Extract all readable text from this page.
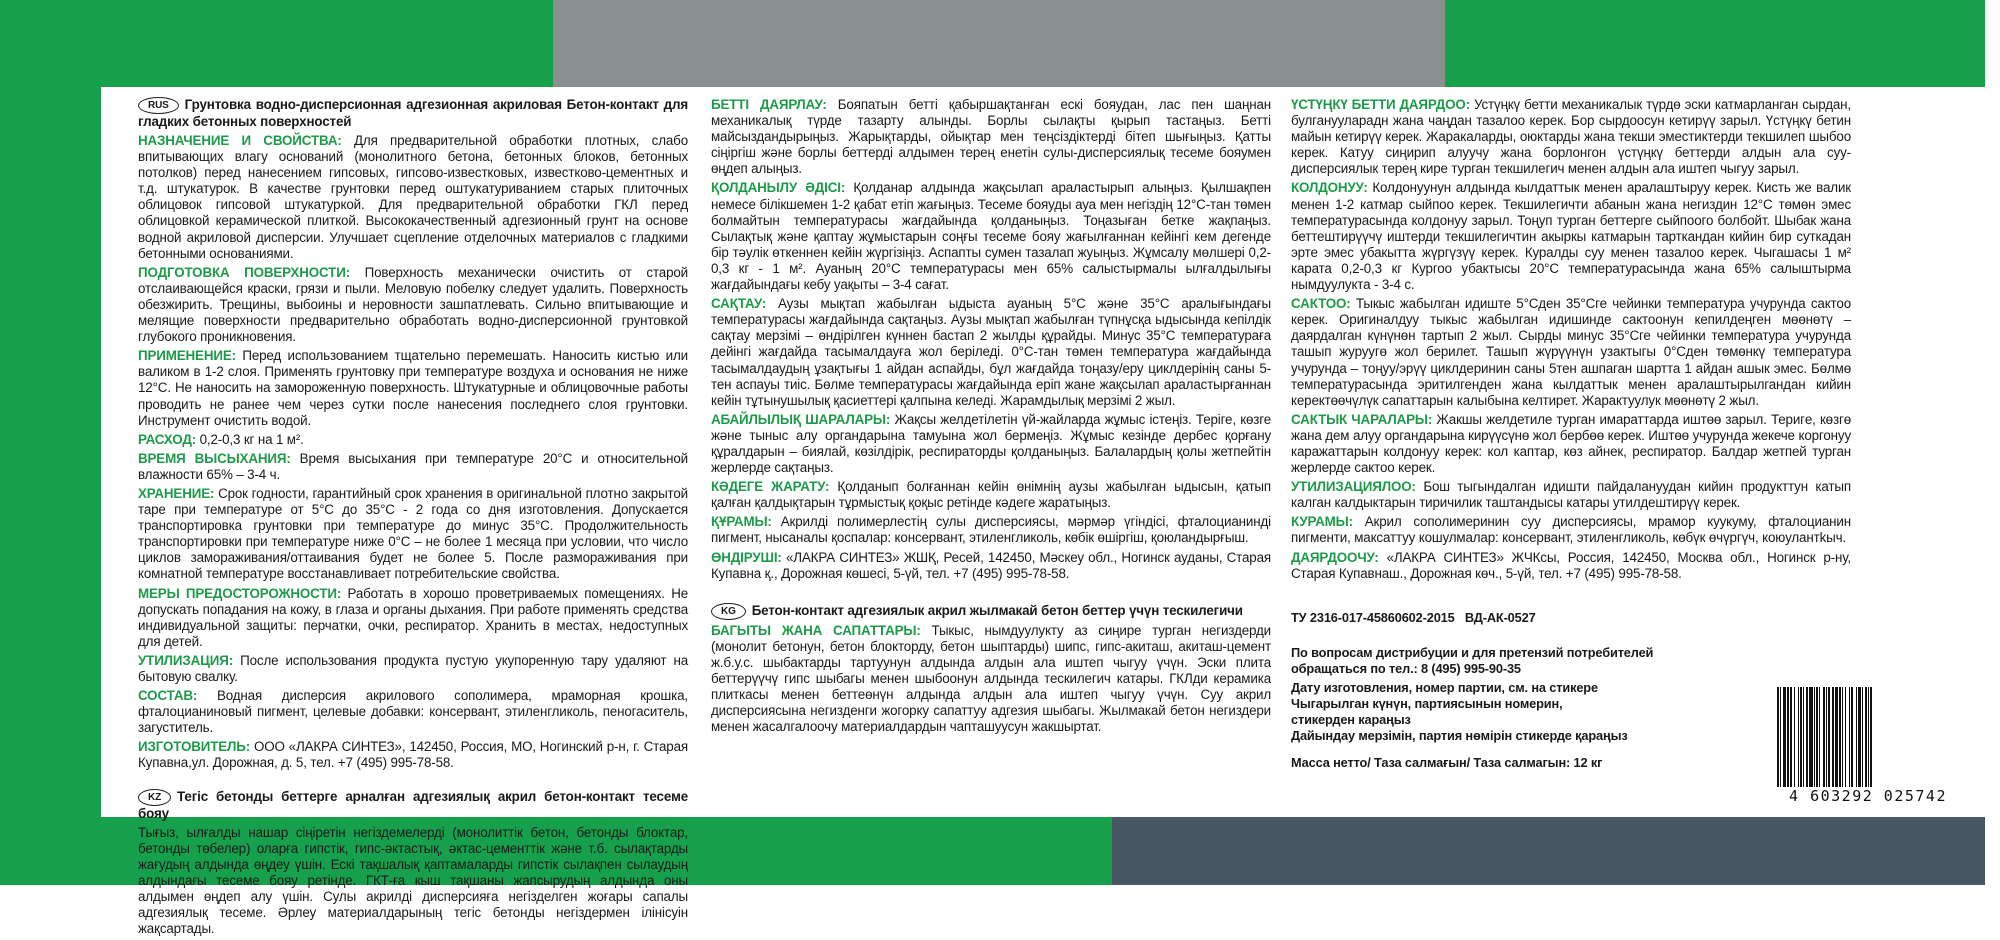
RUS Грунтовка водно-дисперсионная адгезионная акриловая Бетон-контакт для гладких бетонных поверхностей

НАЗНАЧЕНИЕ И СВОЙСТВА: Для предварительной обработки плотных, слабо впитывающих влагу оснований (монолитного бетона, бетонных блоков, бетонных потолков) перед нанесением гипсовых, гипсово-известковых, известково-цементных и т.д. штукатурок. В качестве грунтовки перед оштукатуриванием старых плиточных облицовок гипсовой штукатуркой. Для предварительной обработки ГКЛ перед облицовкой керамической плиткой. Высококачественный адгезионный грунт на основе водной акриловой дисперсии. Улучшает сцепление отделочных материалов с гладкими бетонными основаниями.

ПОДГОТОВКА ПОВЕРХНОСТИ: Поверхность механически очистить от старой отслаивающейся краски, грязи и пыли. Меловую побелку следует удалить. Поверхность обезжирить. Трещины, выбоины и неровности зашпатлевать. Сильно впитывающие и мелящие поверхности предварительно обработать водно-дисперсионной грунтовкой глубокого проникновения.

ПРИМЕНЕНИЕ: Перед использованием тщательно перемешать. Наносить кистью или валиком в 1-2 слоя. Применять грунтовку при температуре воздуха и основания не ниже 12°С. Не наносить на замороженную поверхность. Штукатурные и облицовочные работы проводить не ранее чем через сутки после нанесения последнего слоя грунтовки. Инструмент очистить водой.

РАСХОД: 0,2-0,3 кг на 1 м².

ВРЕМЯ ВЫСЫХАНИЯ: Время высыхания при температуре 20°С и относительной влажности 65% – 3-4 ч.

ХРАНЕНИЕ: Срок годности, гарантийный срок хранения в оригинальной плотно закрытой таре при температуре от 5°С до 35°С - 2 года со дня изготовления. Допускается транспортировка грунтовки при температуре до минус 35°С. Продолжительность транспортировки при температуре ниже 0°С – не более 1 месяца при условии, что число циклов замораживания/оттаивания будет не более 5. После размораживания при комнатной температуре восстанавливает потребительские свойства.

МЕРЫ ПРЕДОСТОРОЖНОСТИ: Работать в хорошо проветриваемых помещениях. Не допускать попадания на кожу, в глаза и органы дыхания. При работе применять средства индивидуальной защиты: перчатки, очки, респиратор. Хранить в местах, недоступных для детей.

УТИЛИЗАЦИЯ: После использования продукта пустую укупоренную тару удаляют на бытовую свалку.

СОСТАВ: Водная дисперсия акрилового сополимера, мраморная крошка, фталоцианиновый пигмент, целевые добавки: консервант, этиленгликоль, пеногаситель, загуститель.

ИЗГОТОВИТЕЛЬ: ООО «ЛАКРА СИНТЕЗ», 142450, Россия, МО, Ногинский р-н, г. Старая Купавна,ул. Дорожная, д. 5, тел. +7 (495) 995-78-58.

KZ Тегіс бетонды беттерге арналған адгезиялық акрил бетон-контакт тесеме бояу

Тығыз, ылғалды нашар сіңіретін негіздемелерді (монолиттік бетон, бетонды блоктар, бетонды төбелер) оларға гипстік, гипс-әктастық, әктас-цементтік және т.б. сылақтарды жағудың алдында өңдеу үшін. Ескі тақшалық қаптамаларды гипстік сылақпен сылаудың алдындағы тесеме бояу ретінде. ГКТ-ға кыш тақшаны жапсырудың алдында оны алдымен өңдеп алу үшін. Сулы акрилді дисперсияға негізделген жоғары сапалы адгезиялық тесеме. Әрлеу материалдарының тегіс бетонды негіздермен ілінісуін жақсартады.

БЕТТІ ДАЯРЛАУ: Бояпатын бетті қабыршақтанған ескі бояудан, лас пен шаңнан механикалық түрде тазарту алынды. Борлы сылақты қырып тастаңыз. Бетті майсыздандырыңыз. Жарықтарды, ойықтар мен теңсіздіктерді бітеп шығыңыз. Қатты сіңіргіш және борлы беттерді алдымен терең енетін сулы-дисперсиялық тесеме бояумен өңдеп алыңыз.

ҚОЛДАНЫЛУ ӘДІСІ: Қолданар алдында жақсылап араластырып алыңыз. Қылшақпен немесе білікшемен 1-2 қабат етіп жағыңыз. Тесеме бояуды ауа мен негіздің 12°С-тан төмен болмайтын температурасы жағдайында қолданыңыз. Тоңазыған бетке жақпаңыз. Сылақтық және қаптау жұмыстарын соңғы тесеме бояу жағылғаннан кейінгі кем дегенде бір тәулік өткеннен кейін жүргізіңіз. Аспапты сумен тазалап жуыңыз. Жұмсалу мөлшері 0,2-0,3 кг - 1 м². Ауаның 20°С температурасы мен 65% салыстырмалы ылғалдылығы жағдайындағы кебу уақыты – 3-4 сағат.

САҚТАУ: Аузы мықтап жабылған ыдыста ауаның 5°С және 35°С аралығындағы температурасы жағдайында сақтаңыз. Аузы мықтап жабылған түпнұсқа ыдысында кепілдік сақтау мерзімі – өндірілген күннен бастап 2 жылды құрайды. Минус 35°С температураға дейінгі жағдайда тасымалдауға жол беріледі. 0°С-тан төмен температура жағдайында тасымалдаудың ұзақтығы 1 айдан аспайды, бұл жағдайда тоңазу/еру циклдерінің саны 5-тен аспауы тиіс. Бөлме температурасы жағдайында еріп жане жақсылап араластырғаннан кейін тұтынушылық қасиеттері қалпына келеді. Жарамдылық мерзімі 2 жыл.

АБАЙЛЫЛЫҚ ШАРАЛАРЫ: Жақсы желдетілетін үй-жайларда жұмыс істеңіз. Теріге, көзге және тыныс алу органдарына тамуына жол бермеңіз. Жұмыс кезінде дербес қорғану құралдарын – биялай, көзілдірік, респираторды қолданыңыз. Балалардың қолы жетпейтін жерлерде сақтаңыз.

КӘДЕГЕ ЖАРАТУ: Қолданып болғаннан кейін өнімнің аузы жабылған ыдысын, қатып қалған қалдықтарын тұрмыстық қоқыс ретінде кәдеге жаратыңыз.

ҚҰРАМЫ: Акрилді полимерлестің сулы дисперсиясы, мәрмәр үгіндісі, фталоцианинді пигмент, нысаналы қоспалар: консервант, этиленгликоль, көбік өшіргіш, қоюландырғыш.

ӨНДІРУШІ: «ЛАКРА СИНТЕЗ» ЖШҚ, Ресей, 142450, Мәскеу обл., Ногинск ауданы, Старая Купавна қ., Дорожная көшесі, 5-үй, тел. +7 (495) 995-78-58.

KG Бетон-контакт адгезиялык акрил жылмакай бетон беттер үчүн тескилегичи

БАГЫТЫ ЖАНА САПАТТАРЫ: Тыкыс, нымдуулукту аз сиңире турган негиздерди (монолит бетонун, бетон блокторду, бетон шыптарды) шипс, гипс-акиташ, акиташ-цемент ж.б.у.с. шыбактарды тартуунун алдында алдын ала иштеп чыгуу үчүн. Эски плита беттерүүчү гипс шыбагы менен шыбоонун алдында тескилегич катары. ГКЛди керамика плиткасы менен беттеөнүн алдында алдын ала иштеп чыгуу үчүн. Суу акрил дисперсиясына негизденги жогорку сапаттуу адгезия шыбагы. Жылмакай бетон негиздери менен жасалгалоочу материалдардын чапташуусун жакшыртат.

ҮСТҮҢКҮ БЕТТИ ДАЯРДОО: Устүңкү бетти механикалык түрдө эски катмарланган сырдан, булганууларадн жана чаңдан тазалоо керек. Бор сырдоосун кетирүү зарыл. Үстүңкү бетин майын кетирүү керек. Жаракаларды, оюктарды жана текши эместиктерди текшилеп шыбоо керек. Катуу сиңирип алуучу жана борлонгон үстүңкү беттерди алдын ала суу-дисперсиялык терең кире турган текшилегич менен алдын ала иштеп чыгуу зарыл.

КОЛДОНУУ: Колдонуунун алдында кылдаттык менен аралаштыруу керек. Кисть же валик менен 1-2 катмар сыйпоо керек. Текшилегичти абанын жана негиздин 12°С төмөн эмес температурасында колдонуу зарыл. Тоңуп турган беттерге сыйпоого болбойт. Шыбак жана беттештирүүчү иштерди текшилегичтин акыркы катмарын тарткандан кийин бир суткадан эрте эмес убакытта жүргүзүү керек. Куралды суу менен тазалоо керек. Чыгашасы 1 м² карата 0,2-0,3 кг Кургоо убактысы 20°С температурасында жана 65% салыштырма нымдуулукта - 3-4 с.

САКТОО: Тыкыс жабылган идиште 5°Сден 35°Сге чейинки температура учурунда сактоо керек. Оригиналдуу тыкыс жабылган идишинде сактоонун кепилдеңген мөөнөтү – даярдалган күнүнөн тартып 2 жыл. Сырды минус 35°Сге чейинки температура учурунда ташып журуугө жол берилет. Ташып жүрүүнүн узактыгы 0°Сден төмөнкү температура учурунда – тоңуу/эрүү циклдеринин саны 5тен ашпаган шартта 1 айдан ашык эмес. Бөлмө температурасында эритилгенден жана кылдаттык менен аралаштырылгандан кийин керектөөчүлүк сапаттарын калыбына келтирет. Жарактуулук мөөнөтү 2 жыл.

САКТЫК ЧАРАЛАРЫ: Жакшы желдетиле турган имараттарда иштөө зарыл. Теригe, көзгө жана дем алуу органдарына кирүүсүнө жол бербөө керек. Иштөө учурунда жекече коргонуу каражаттарын колдонуу керек: кол каптар, көз айнек, респиратор. Балдар жетпей турган жерлерде сактоо керек.

УТИЛИЗАЦИЯЛОО: Бош тыгындалган идишти пайдалануудан кийин продукттун катып калган калдыктарын тиричилик таштандысы катары утилдештирүү керек.

КУРАМЫ: Акрил сополимеринин суу дисперсиясы, мрамор куукуму, фталоцианин пигменти, максаттуу кошулмалар: консервант, этиленгликоль, көбүк өчүргүч, коюулантkыч.

ДАЯРДООЧУ: «ЛАКРА СИНТЕЗ» ЖЧКсы, Россия, 142450, Москва обл., Ногинск р-ну, Старая Купавнаш., Дорожная көч., 5-үй, тел. +7 (495) 995-78-58.

ТУ 2316-017-45860602-2015 ВД-АК-0527

По вопросам дистрибуции и для претензий потребителей

обращаться по тел.: 8 (495) 995-90-35

Дату изготовления, номер партии, см. на стикере

Чыгарылган күнүн, партиясынын номерин,

стикерден караңыз

Дайындау мерзімін, партия нөмірін стикерде қараңыз

Масса нетто/ Таза салмағын/ Таза салмагын: 12 кг

4 603292 025742
